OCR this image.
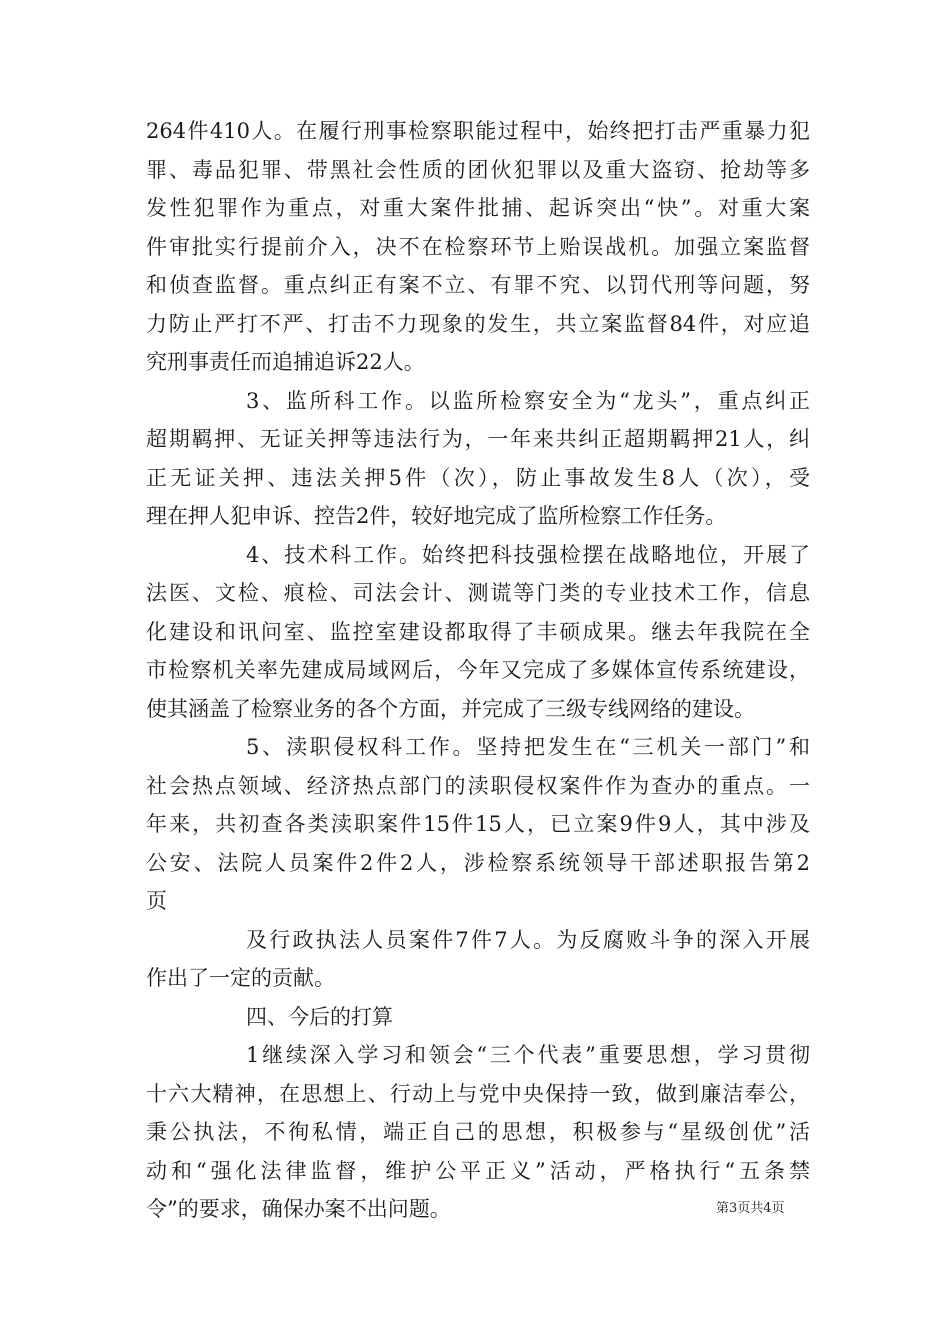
264件410人。在履行刑事检察职能过程中，始终把打击严重暴力犯
罪、毒品犯罪、带黑社会性质的团伙犯罪以及重大盗窃、抢劫等多
发性犯罪作为重点，对重大案件批捕、起诉突出“快”。对重大案
件审批实行提前介入，决不在检察环节上贻误战机。加强立案监督
和侦查监督。重点纠正有案不立、有罪不究、以罚代刑等问题，努
力防止严打不严、打击不力现象的发生，共立案监督84件，对应追
究刑事责任而追捕追诉22人。
3、监所科工作。以监所检察安全为“龙头”，重点纠正
超期羁押、无证关押等违法行为，一年来共纠正超期羁押21人，纠
正无证关押、违法关押5件（次），防止事故发生8人（次），受
理在押人犯申诉、控告2件，较好地完成了监所检察工作任务。
4、技术科工作。始终把科技强检摆在战略地位，开展了
法医、文检、痕检、司法会计、测谎等门类的专业技术工作，信息
化建设和讯问室、监控室建设都取得了丰硕成果。继去年我院在全
市检察机关率先建成局域网后，今年又完成了多媒体宣传系统建设，
使其涵盖了检察业务的各个方面，并完成了三级专线网络的建设。
5、渎职侵权科工作。坚持把发生在“三机关一部门”和
社会热点领域、经济热点部门的渎职侵权案件作为查办的重点。一
年来，共初查各类渎职案件15件15人，已立案9件9人，其中涉及
公安、法院人员案件2件2人，涉检察系统领导干部述职报告第2
页
及行政执法人员案件7件7人。为反腐败斗争的深入开展
作出了一定的贡献。
四、今后的打算
1继续深入学习和领会“三个代表”重要思想，学习贯彻
十六大精神，在思想上、行动上与党中央保持一致，做到廉洁奉公，
秉公执法，不徇私情，端正自己的思想，积极参与“星级创优”活
动和“强化法律监督，维护公平正义”活动，严格执行“五条禁
令”的要求，确保办案不出问题。	第3页共4页
